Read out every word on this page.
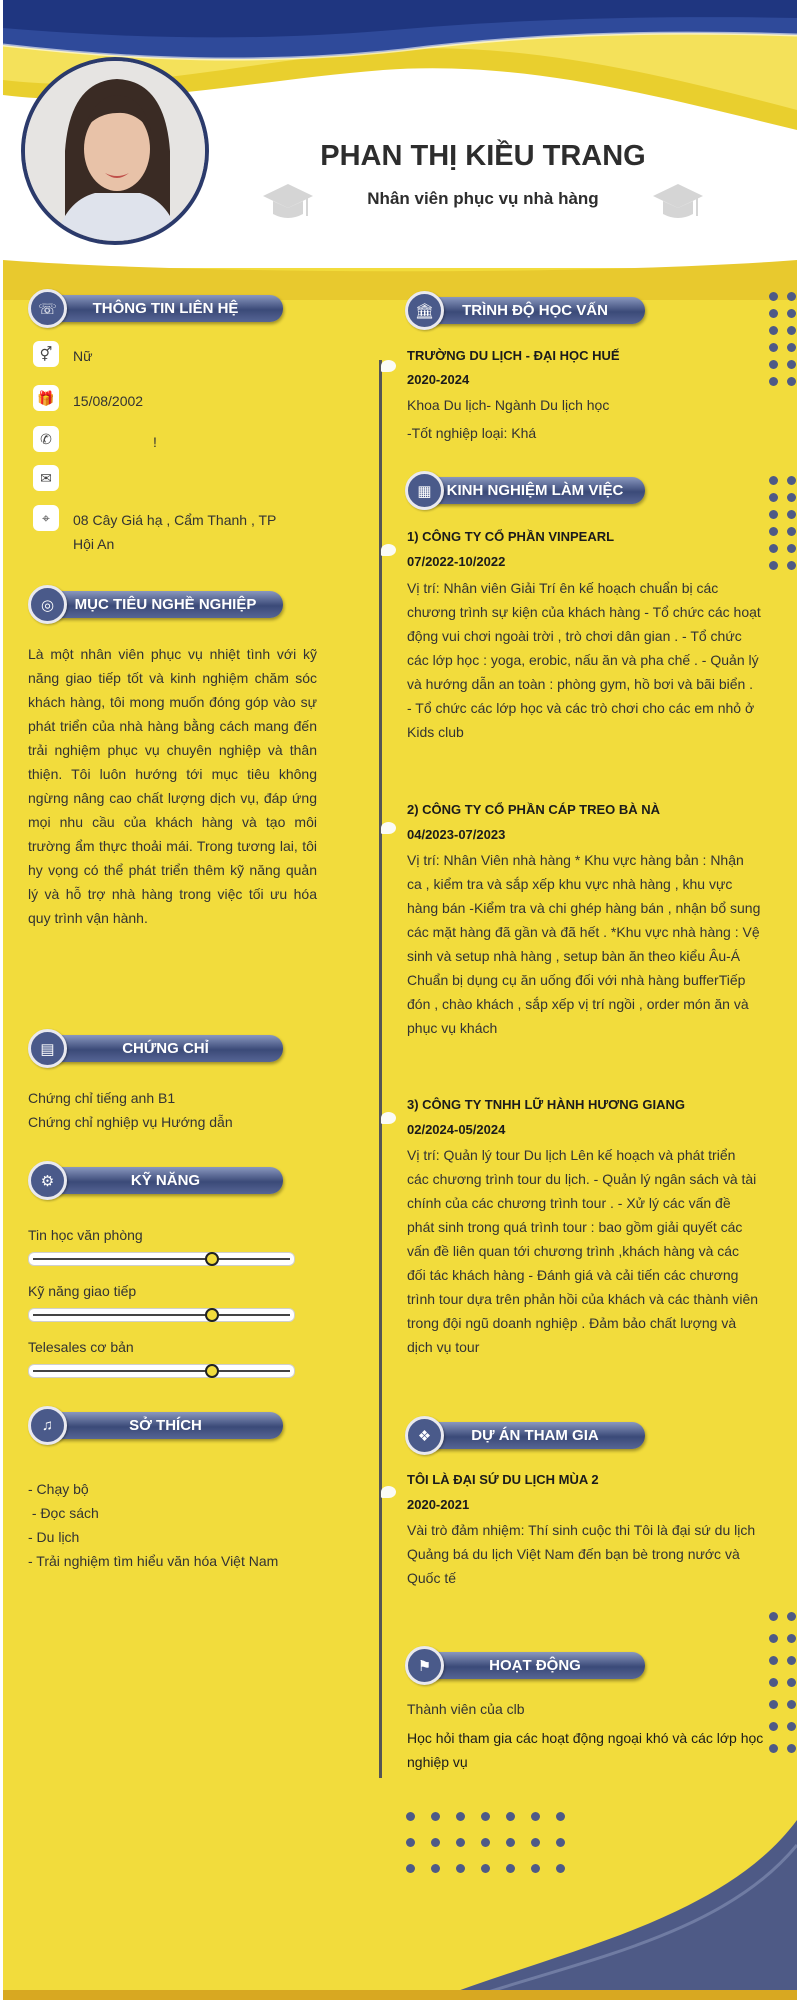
PHAN THỊ KIỀU TRANG
Nhân viên phục vụ nhà hàng
THÔNG TIN LIÊN HỆ
☏
⚥	Nữ
🎁	15/08/2002
✆	!
✉
⌖	08 Cây Giá hạ , Cẩm Thanh , TP
Hội An
MỤC TIÊU NGHỀ NGHIỆP
◎
Là một nhân viên phục vụ nhiệt tình với kỹ năng giao tiếp tốt và kinh nghiệm chăm sóc khách hàng, tôi mong muốn đóng góp vào sự phát triển của nhà hàng bằng cách mang đến trải nghiệm phục vụ chuyên nghiệp và thân thiện. Tôi luôn hướng tới mục tiêu không ngừng nâng cao chất lượng dịch vụ, đáp ứng mọi nhu cầu của khách hàng và tạo môi trường ẩm thực thoải mái. Trong tương lai, tôi hy vọng có thể phát triển thêm kỹ năng quản lý và hỗ trợ nhà hàng trong việc tối ưu hóa quy trình vận hành.
CHỨNG CHỈ
▤
Chứng chỉ tiếng anh B1
Chứng chỉ nghiệp vụ Hướng dẫn
KỸ NĂNG
⚙
Tin học văn phòng
Kỹ năng giao tiếp
Telesales cơ bản
SỞ THÍCH
♫
- Chạy bộ
- Đọc sách
- Du lịch
- Trải nghiệm tìm hiểu văn hóa Việt Nam
TRÌNH ĐỘ HỌC VẤN
🏛
TRƯỜNG DU LỊCH - ĐẠI HỌC HUẾ
2020-2024
Khoa Du lịch- Ngành Du lịch học
-Tốt nghiệp loại: Khá
KINH NGHIỆM LÀM VIỆC
▦
1) CÔNG TY CỔ PHẦN VINPEARL
07/2022-10/2022
Vị trí: Nhân viên Giải Trí ên kế hoạch chuẩn bị các chương trình sự kiện của khách hàng - Tổ chức các hoạt động vui chơi ngoài trời , trò chơi dân gian . - Tổ chức các lớp học : yoga, erobic, nấu ăn và pha chế . - Quản lý và hướng dẫn an toàn : phòng gym, hồ bơi và bãi biển . - Tổ chức các lớp học và các trò chơi cho các em nhỏ ở Kids club
2) CÔNG TY CỔ PHẦN CÁP TREO BÀ NÀ
04/2023-07/2023
Vị trí: Nhân Viên nhà hàng * Khu vực hàng bản : Nhận ca , kiểm tra và sắp xếp khu vực nhà hàng , khu vực hàng bán -Kiểm tra và chi ghép hàng bán , nhận bổ sung các mặt hàng đã gần và đã hết . *Khu vực nhà hàng : Vệ sinh và setup nhà hàng , setup bàn ăn theo kiểu Âu-Á Chuẩn bị dụng cụ ăn uống đối với nhà hàng bufferTiếp đón , chào khách , sắp xếp vị trí ngồi , order món ăn và phục vụ khách
3) CÔNG TY TNHH LỮ HÀNH HƯƠNG GIANG
02/2024-05/2024
Vị trí: Quản lý tour Du lịch Lên kế hoạch và phát triển các chương trình tour du lịch. - Quản lý ngân sách và tài chính của các chương trình tour . - Xử lý các vấn đề phát sinh trong quá trình tour : bao gồm giải quyết các vấn đề liên quan tới chương trình ,khách hàng và các đối tác khách hàng - Đánh giá và cải tiến các chương trình tour dựa trên phản hồi của khách và các thành viên trong đội ngũ doanh nghiệp . Đảm bảo chất lượng và dịch vụ tour
DỰ ÁN THAM GIA
❖
TÔI LÀ ĐẠI SỨ DU LỊCH MÙA 2
2020-2021
Vài trò đảm nhiệm: Thí sinh cuộc thi Tôi là đại sứ du lịch Quảng bá du lịch Việt Nam đến bạn bè trong nước và Quốc tế
HOẠT ĐỘNG
⚑
Thành viên của clb
Học hỏi tham gia các hoạt động ngoại khó và các lớp học nghiệp vụ
